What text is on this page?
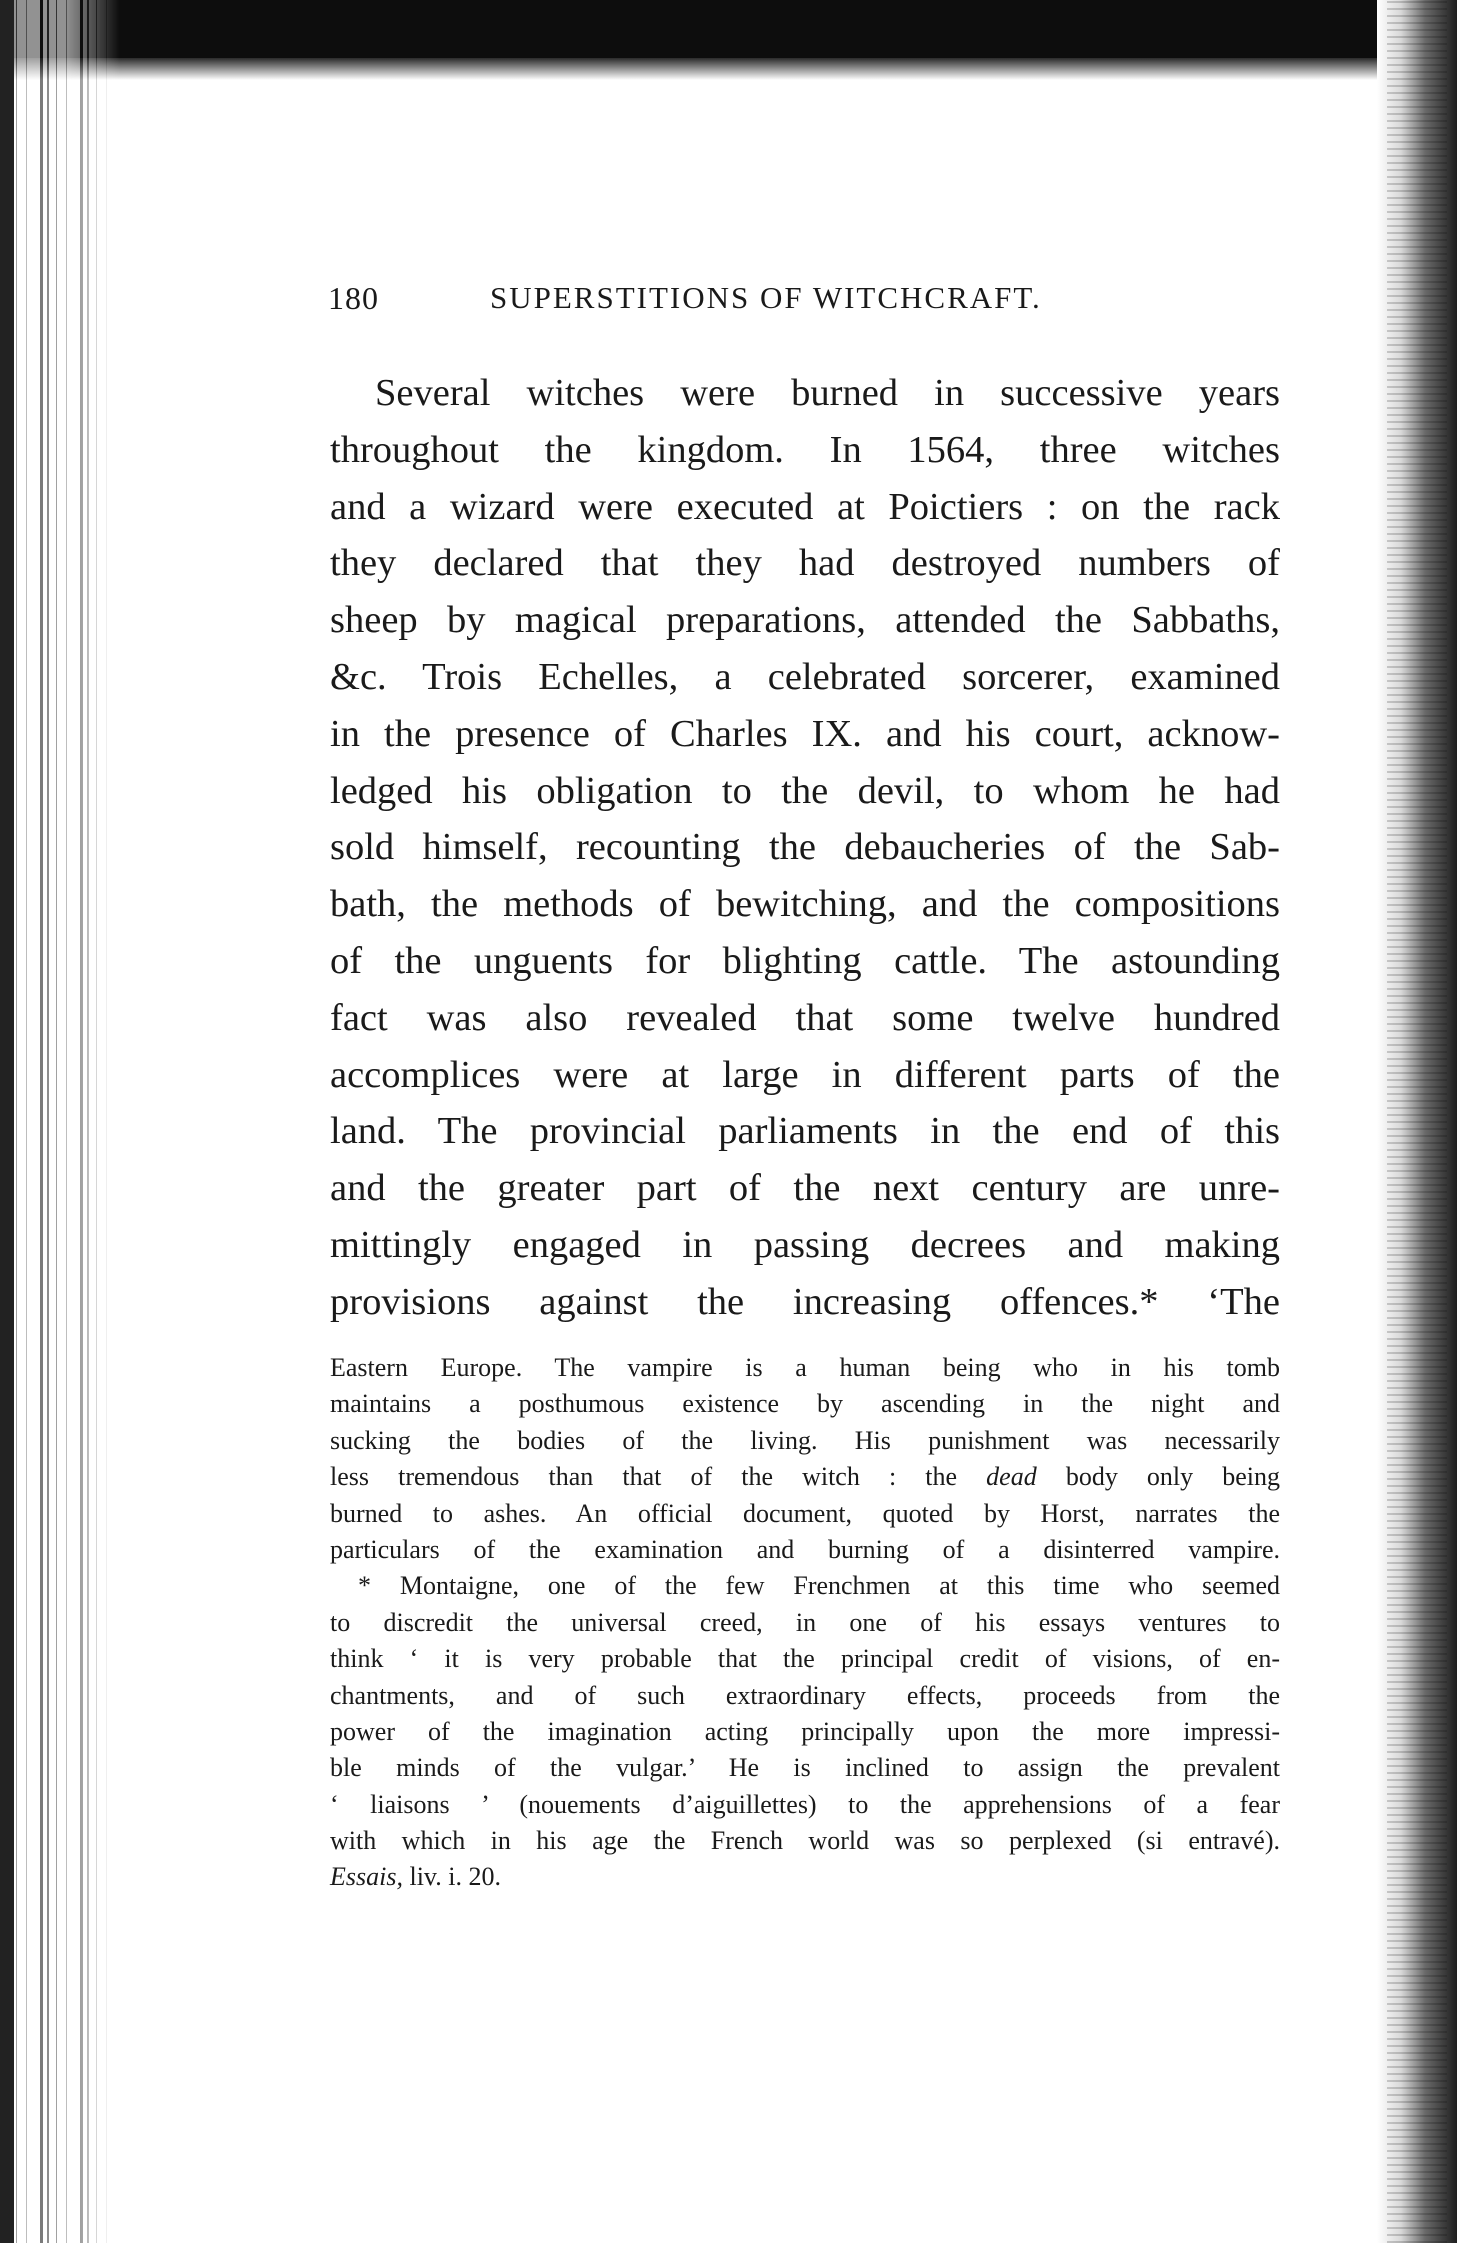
180	SUPERSTITIONS OF WITCHCRAFT.
Several witches were burned in successive years
throughout the kingdom. In 1564, three witches
and a wizard were executed at Poictiers : on the rack
they declared that they had destroyed numbers of
sheep by magical preparations, attended the Sabbaths,
&c. Trois Echelles, a celebrated sorcerer, examined
in the presence of Charles IX. and his court, acknow-
ledged his obligation to the devil, to whom he had
sold himself, recounting the debaucheries of the Sab-
bath, the methods of bewitching, and the compositions
of the unguents for blighting cattle. The astounding
fact was also revealed that some twelve hundred
accomplices were at large in different parts of the
land. The provincial parliaments in the end of this
and the greater part of the next century are unre-
mittingly engaged in passing decrees and making
provisions against the increasing offences.* ‘The
Eastern Europe. The vampire is a human being who in his tomb
maintains a posthumous existence by ascending in the night and
sucking the bodies of the living. His punishment was necessarily
less tremendous than that of the witch : the dead body only being
burned to ashes. An official document, quoted by Horst, narrates the
particulars of the examination and burning of a disinterred vampire.
* Montaigne, one of the few Frenchmen at this time who seemed
to discredit the universal creed, in one of his essays ventures to
think ‘ it is very probable that the principal credit of visions, of en-
chantments, and of such extraordinary effects, proceeds from the
power of the imagination acting principally upon the more impressi-
ble minds of the vulgar.’ He is inclined to assign the prevalent
‘ liaisons ’ (nouements d’aiguillettes) to the apprehensions of a fear
with which in his age the French world was so perplexed (si entravé).
Essais, liv. i. 20.
